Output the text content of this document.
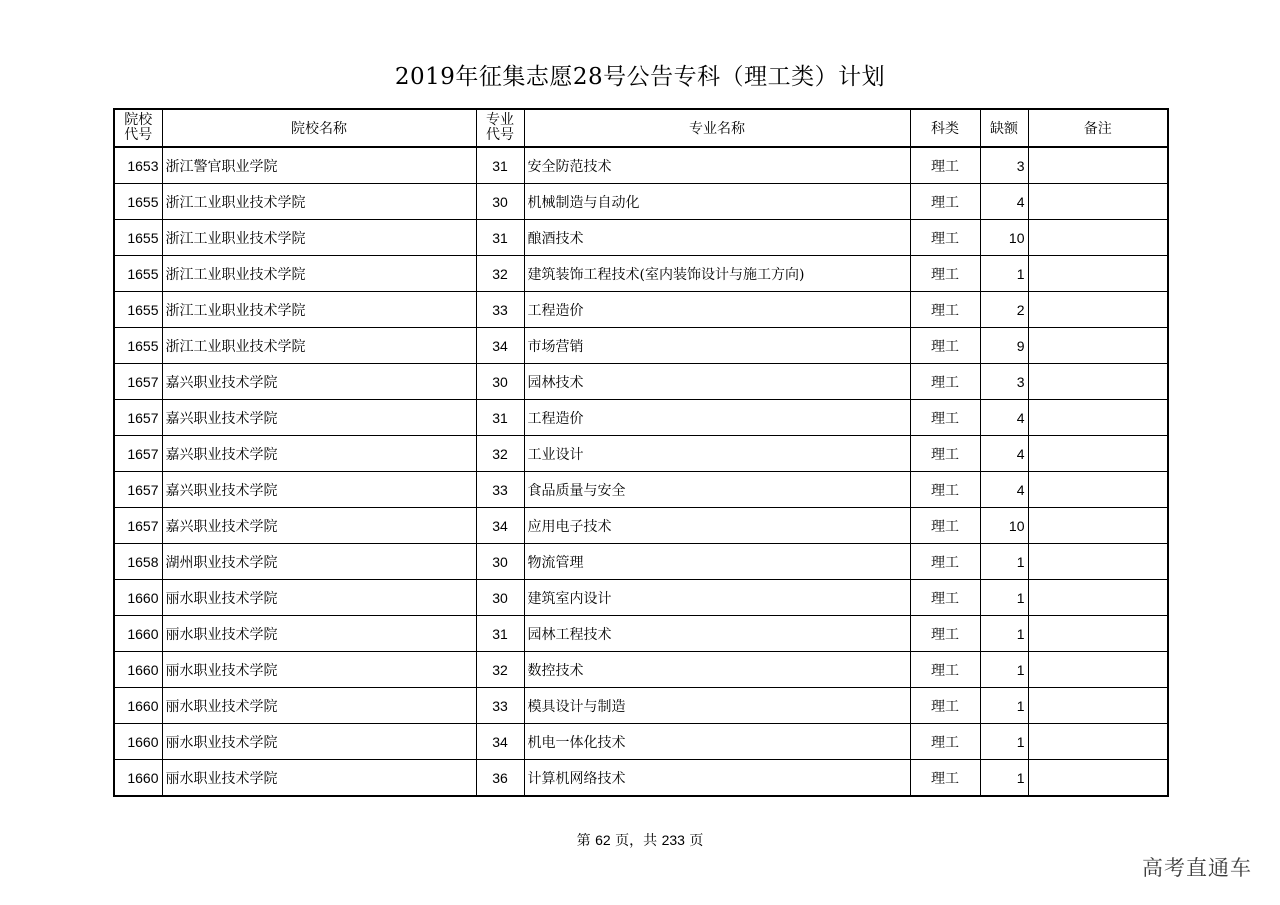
2019年征集志愿28号公告专科（理工类）计划
院校代号	院校名称	专业代号	专业名称	科类	缺额	备注
1653	浙江警官职业学院	31	安全防范技术	理工	3	
1655	浙江工业职业技术学院	30	机械制造与自动化	理工	4	
1655	浙江工业职业技术学院	31	酿酒技术	理工	10	
1655	浙江工业职业技术学院	32	建筑装饰工程技术(室内装饰设计与施工方向)	理工	1	
1655	浙江工业职业技术学院	33	工程造价	理工	2	
1655	浙江工业职业技术学院	34	市场营销	理工	9	
1657	嘉兴职业技术学院	30	园林技术	理工	3	
1657	嘉兴职业技术学院	31	工程造价	理工	4	
1657	嘉兴职业技术学院	32	工业设计	理工	4	
1657	嘉兴职业技术学院	33	食品质量与安全	理工	4	
1657	嘉兴职业技术学院	34	应用电子技术	理工	10	
1658	湖州职业技术学院	30	物流管理	理工	1	
1660	丽水职业技术学院	30	建筑室内设计	理工	1	
1660	丽水职业技术学院	31	园林工程技术	理工	1	
1660	丽水职业技术学院	32	数控技术	理工	1	
1660	丽水职业技术学院	33	模具设计与制造	理工	1	
1660	丽水职业技术学院	34	机电一体化技术	理工	1	
1660	丽水职业技术学院	36	计算机网络技术	理工	1	
第 62 页，共 233 页
高考直通车
